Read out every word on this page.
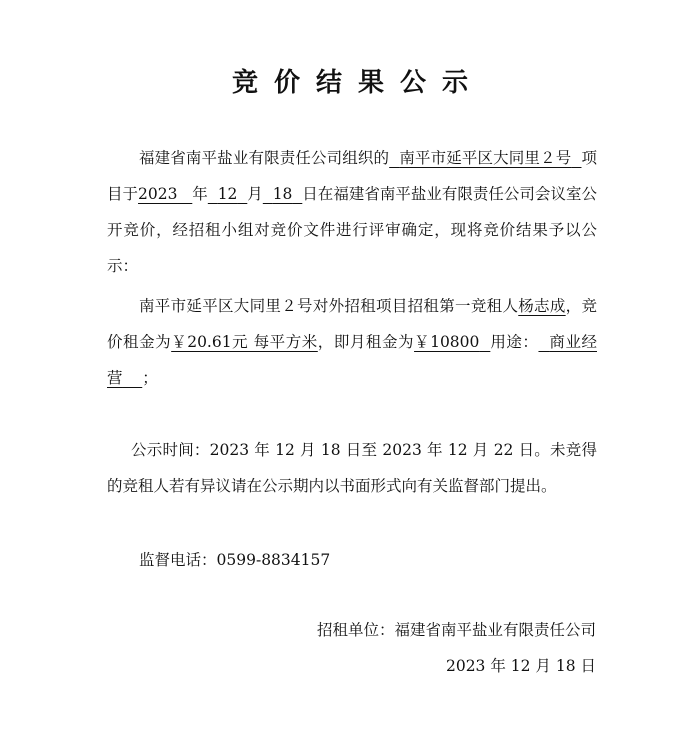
竞价结果公示

福建省南平盐业有限责任公司组织的 南平市延平区大同里２号 项目于2023 年 12 月 18 日在福建省南平盐业有限责任公司会议室公开竞价，经招租小组对竞价文件进行评审确定，现将竞价结果予以公示：

南平市延平区大同里２号对外招租项目招租第一竞租人杨志成，竞价租金为￥20.61元 每平方米，即月租金为￥10800 用途： 商业经营 ；

公示时间：2023 年 12 月 18 日至 2023 年 12 月 22 日。未竞得的竞租人若有异议请在公示期内以书面形式向有关监督部门提出。

监督电话：0599-8834157

招租单位：福建省南平盐业有限责任公司
2023 年 12 月 18 日
